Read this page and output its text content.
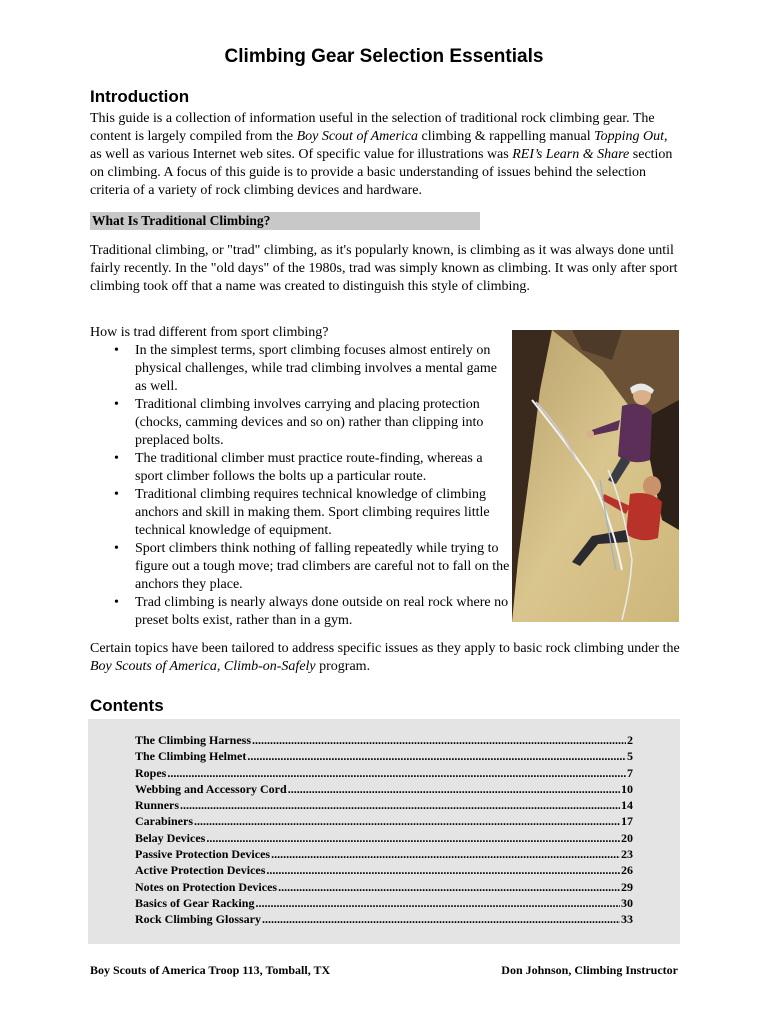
Climbing Gear Selection Essentials
Introduction

This guide is a collection of information useful in the selection of traditional rock climbing gear. The content is largely compiled from the Boy Scout of America climbing & rappelling manual Topping Out, as well as various Internet web sites. Of specific value for illustrations was REI’s Learn & Share section on climbing. A focus of this guide is to provide a basic understanding of issues behind the selection criteria of a variety of rock climbing devices and hardware.

What Is Traditional Climbing?

Traditional climbing, or "trad" climbing, as it's popularly known, is climbing as it was always done until fairly recently. In the "old days" of the 1980s, trad was simply known as climbing. It was only after sport climbing took off that a name was created to distinguish this style of climbing.

How is trad different from sport climbing?

• In the simplest terms, sport climbing focuses almost entirely on physical challenges, while trad climbing involves a mental game as well.
• Traditional climbing involves carrying and placing protection (chocks, camming devices and so on) rather than clipping into preplaced bolts.
• The traditional climber must practice route-finding, whereas a sport climber follows the bolts up a particular route.
• Traditional climbing requires technical knowledge of climbing anchors and skill in making them. Sport climbing requires little technical knowledge of equipment.
• Sport climbers think nothing of falling repeatedly while trying to figure out a tough move; trad climbers are careful not to fall on the anchors they place.
• Trad climbing is nearly always done outside on real rock where no preset bolts exist, rather than in a gym.

Certain topics have been tailored to address specific issues as they apply to basic rock climbing under the Boy Scouts of America, Climb-on-Safely program.

Contents
The Climbing Harness .....	2
The Climbing Helmet .....	5
Ropes .....	7
Webbing and Accessory Cord .....	10
Runners .....	14
Carabiners .....	17
Belay Devices .....	20
Passive Protection Devices .....	23
Active Protection Devices .....	26
Notes on Protection Devices .....	29
Basics of Gear Racking .....	30
Rock Climbing Glossary .....	33

Boy Scouts of America Troop 113, Tomball, TX	Don Johnson, Climbing Instructor
